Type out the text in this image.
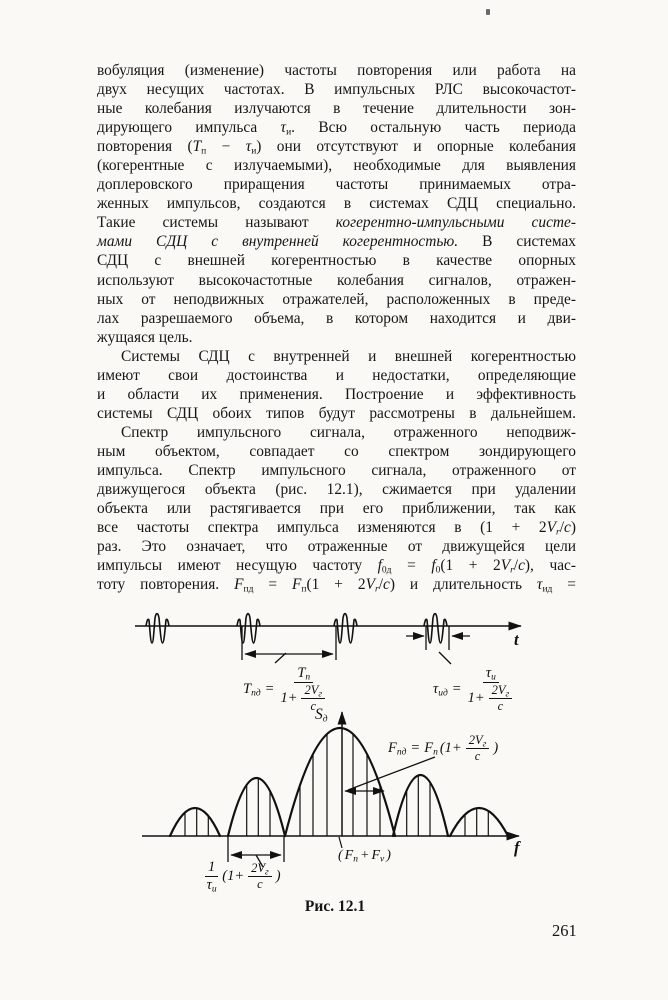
вобуляция (изменение) частоты повторения или работа на
двух несущих частотах. В импульсных РЛС высокочастот-
ные колебания излучаются в течение длительности зон-
дирующего импульса $\tau_и$. Всю остальную часть периода
повторения $(T_п - \tau_и)$ они отсутствуют и опорные колебания
(когерентные с излучаемыми), необходимые для выявления
доплеровского приращения частоты принимаемых отра-
женных импульсов, создаются в системах СДЦ специально.
Такие системы называют когерентно-импульсными систе-
мами СДЦ с внутренней когерентностью. В системах
СДЦ с внешней когерентностью в качестве опорных
используют высокочастотные колебания сигналов, отражен-
ных от неподвижных отражателей, расположенных в преде-
лах разрешаемого объема, в котором находится и дви-
жущаяся цель.
Системы СДЦ с внутренней и внешней когерентностью
имеют свои достоинства и недостатки, определяющие
и области их применения. Построение и эффективность
системы СДЦ обоих типов будут рассмотрены в дальнейшем.
Спектр импульсного сигнала, отраженного неподвиж-
ным объектом, совпадает со спектром зондирующего
импульса. Спектр импульсного сигнала, отраженного от
движущегося объекта (рис. 12.1), сжимается при удалении
объекта или растягивается при его приближении, так как
все частоты спектра импульса изменяются в $(1 + 2V_r/c)$
раз. Это означает, что отраженные от движущейся цели
импульсы имеют несущую частоту $f_{0д} = f_0(1 + 2V_r/c)$, час-
тоту повторения. $F_{пд} = F_п(1 + 2V_r/c)$ и длительность $\tau_{ид}$ =
t
f
$S_д$
$T_{пд}$ =
$T_п$
$1+ 2V_г$
c
$\tau_{ид}$ =
$\tau_и$
$1+ 2V_г$
c
$F_{пд} = F_п$ (1+
$2V_г$
c )
( $F_п + F_v$ )
1
$\tau_и$
(1+
$2V_г$
c )
Рис. 12.1
261
